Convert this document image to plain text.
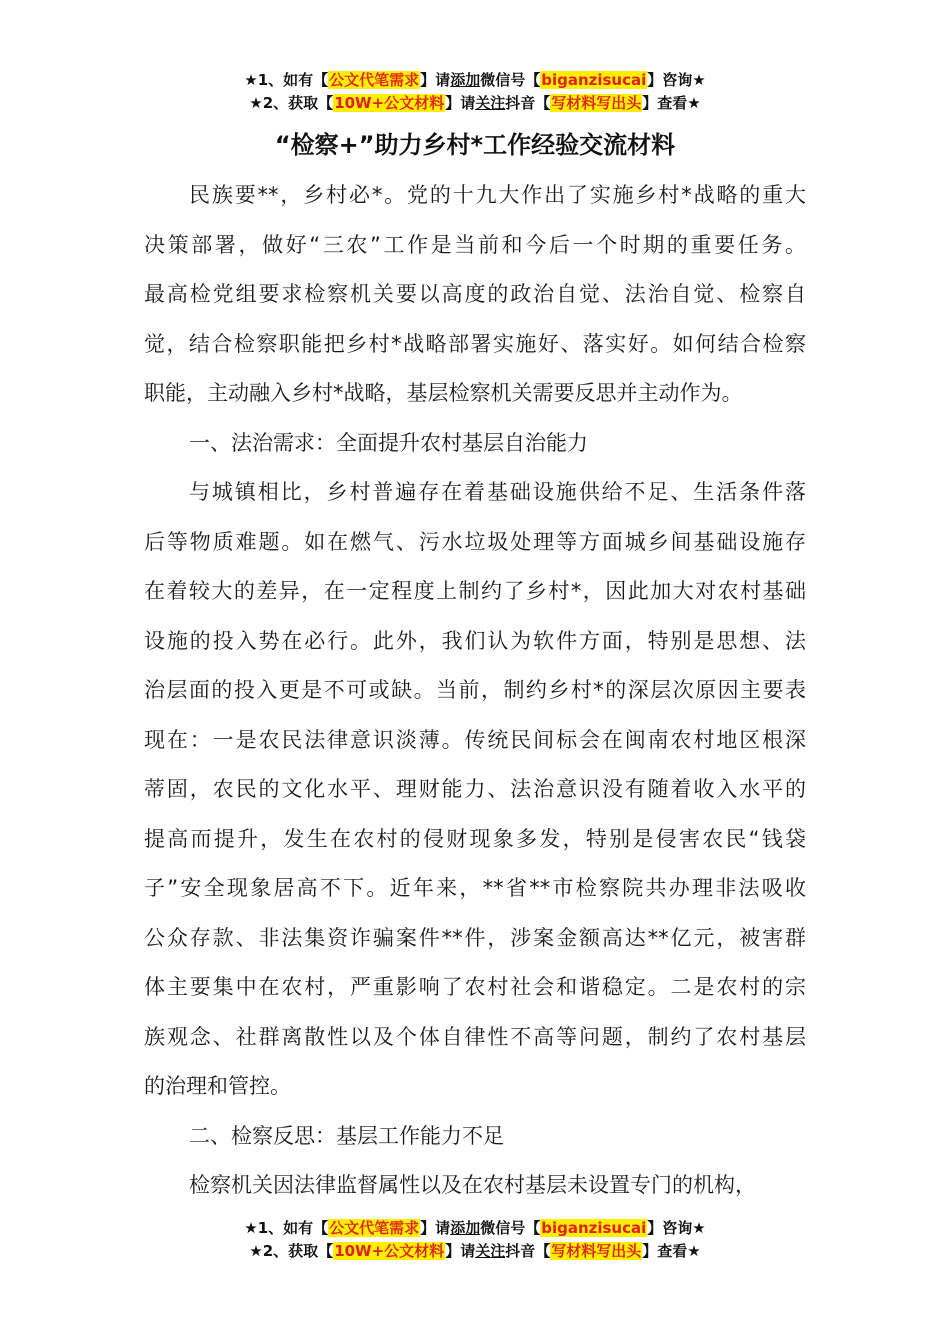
★1、如有【公文代笔需求】请添加微信号【biganzisucai】咨询★
★2、获取【10W+公文材料】请关注抖音【写材料写出头】查看★
“检察+”助力乡村*工作经验交流材料
民族要**，乡村必*。党的十九大作出了实施乡村*战略的重大
决策部署，做好“三农”工作是当前和今后一个时期的重要任务。
最高检党组要求检察机关要以高度的政治自觉、法治自觉、检察自
觉，结合检察职能把乡村*战略部署实施好、落实好。如何结合检察
职能，主动融入乡村*战略，基层检察机关需要反思并主动作为。
一、法治需求：全面提升农村基层自治能力
与城镇相比，乡村普遍存在着基础设施供给不足、生活条件落
后等物质难题。如在燃气、污水垃圾处理等方面城乡间基础设施存
在着较大的差异，在一定程度上制约了乡村*，因此加大对农村基础
设施的投入势在必行。此外，我们认为软件方面，特别是思想、法
治层面的投入更是不可或缺。当前，制约乡村*的深层次原因主要表
现在：一是农民法律意识淡薄。传统民间标会在闽南农村地区根深
蒂固，农民的文化水平、理财能力、法治意识没有随着收入水平的
提高而提升，发生在农村的侵财现象多发，特别是侵害农民“钱袋
子”安全现象居高不下。近年来，**省**市检察院共办理非法吸收
公众存款、非法集资诈骗案件**件，涉案金额高达**亿元，被害群
体主要集中在农村，严重影响了农村社会和谐稳定。二是农村的宗
族观念、社群离散性以及个体自律性不高等问题，制约了农村基层
的治理和管控。
二、检察反思：基层工作能力不足
检察机关因法律监督属性以及在农村基层未设置专门的机构，
★1、如有【公文代笔需求】请添加微信号【biganzisucai】咨询★
★2、获取【10W+公文材料】请关注抖音【写材料写出头】查看★
